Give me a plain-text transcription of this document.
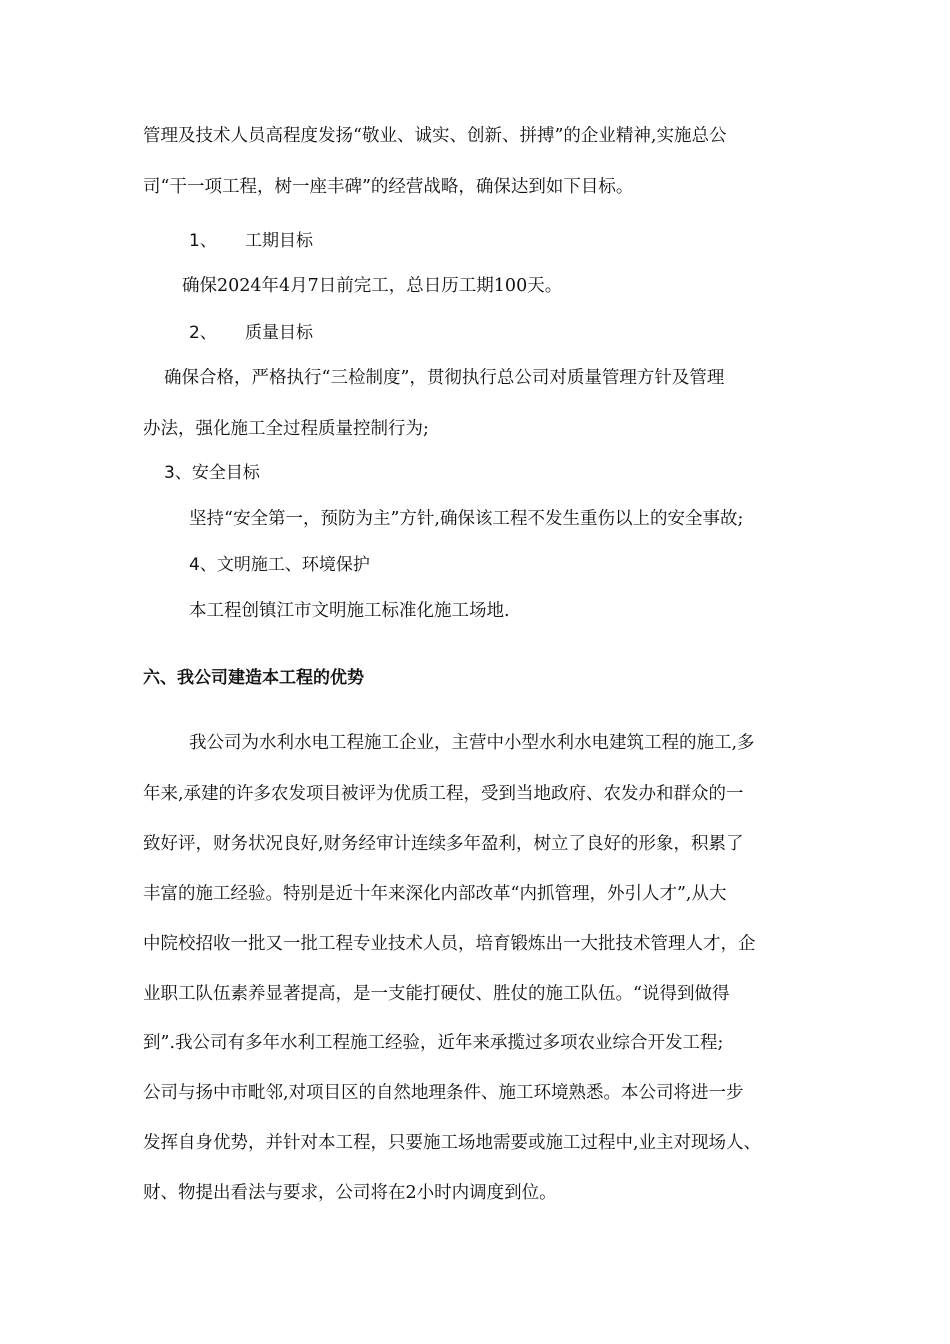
管理及技术人员高程度发扬“敬业、诚实、创新、拼搏”的企业精神,实施总公

司“干一项工程，树一座丰碑”的经营战略，确保达到如下目标。

1、 工期目标

确保2024年4月7日前完工，总日历工期100天。

2、 质量目标

确保合格，严格执行“三检制度”，贯彻执行总公司对质量管理方针及管理

办法，强化施工全过程质量控制行为;

3、安全目标

坚持“安全第一，预防为主”方针,确保该工程不发生重伤以上的安全事故;

4、文明施工、环境保护

本工程创镇江市文明施工标准化施工场地.

六、我公司建造本工程的优势

我公司为水利水电工程施工企业，主营中小型水利水电建筑工程的施工,多

年来,承建的许多农发项目被评为优质工程，受到当地政府、农发办和群众的一

致好评，财务状况良好,财务经审计连续多年盈利，树立了良好的形象，积累了

丰富的施工经验。特别是近十年来深化内部改革“内抓管理，外引人才”,从大

中院校招收一批又一批工程专业技术人员，培育锻炼出一大批技术管理人才，企

业职工队伍素养显著提高，是一支能打硬仗、胜仗的施工队伍。“说得到做得

到”.我公司有多年水利工程施工经验，近年来承揽过多项农业综合开发工程;

公司与扬中市毗邻,对项目区的自然地理条件、施工环境熟悉。本公司将进一步

发挥自身优势，并针对本工程，只要施工场地需要或施工过程中,业主对现场人、

财、物提出看法与要求，公司将在2小时内调度到位。
